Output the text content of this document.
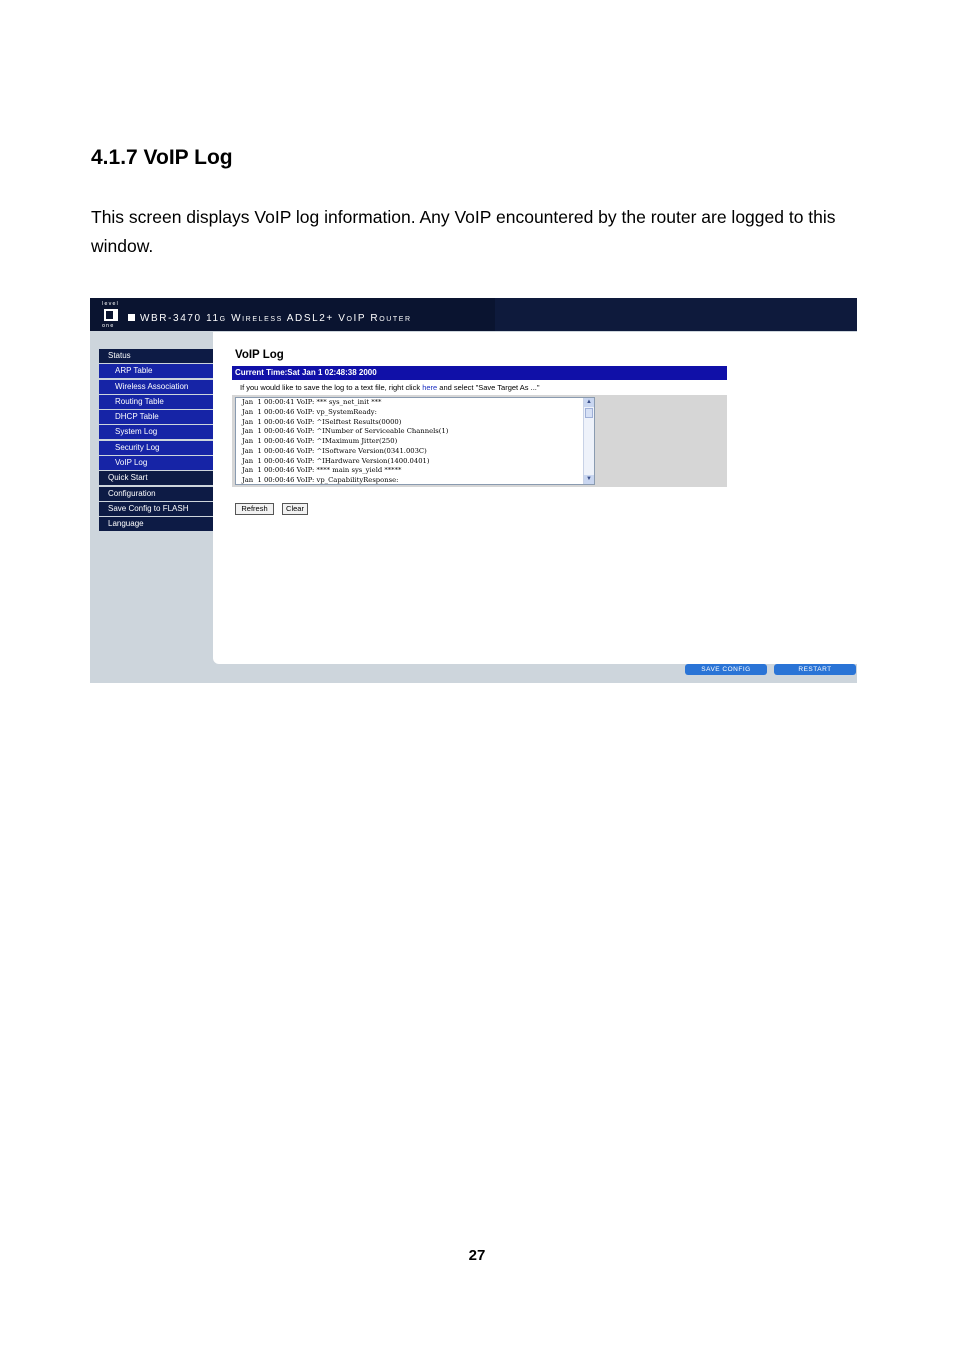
4.1.7 VoIP Log

This screen displays VoIP log information. Any VoIP encountered by the router are logged to this window.

level
one
WBR-3470 11g Wireless ADSL2+ VoIP Router
Status
ARP Table
Wireless Association
Routing Table
DHCP Table
System Log
Security Log
VoIP Log
Quick Start
Configuration
Save Config to FLASH
Language
VoIP Log
Current Time:Sat Jan 1 02:48:38 2000
If you would like to save the log to a text file, right click here and select "Save Target As ..."
Jan  1 00:00:41 VoIP: *** sys_net_init ***
Jan  1 00:00:46 VoIP: vp_SystemReady:
Jan  1 00:00:46 VoIP: ^ISelftest Results(0000)
Jan  1 00:00:46 VoIP: ^INumber of Serviceable Channels(1)
Jan  1 00:00:46 VoIP: ^IMaximum Jitter(250)
Jan  1 00:00:46 VoIP: ^ISoftware Version(0341.003C)
Jan  1 00:00:46 VoIP: ^IHardware Version(1400.0401)
Jan  1 00:00:46 VoIP: **** main sys_yield *****
Jan  1 00:00:46 VoIP: vp_CapabilityResponse:
▲
▼
Refresh	Clear
SAVE CONFIG	RESTART
27
